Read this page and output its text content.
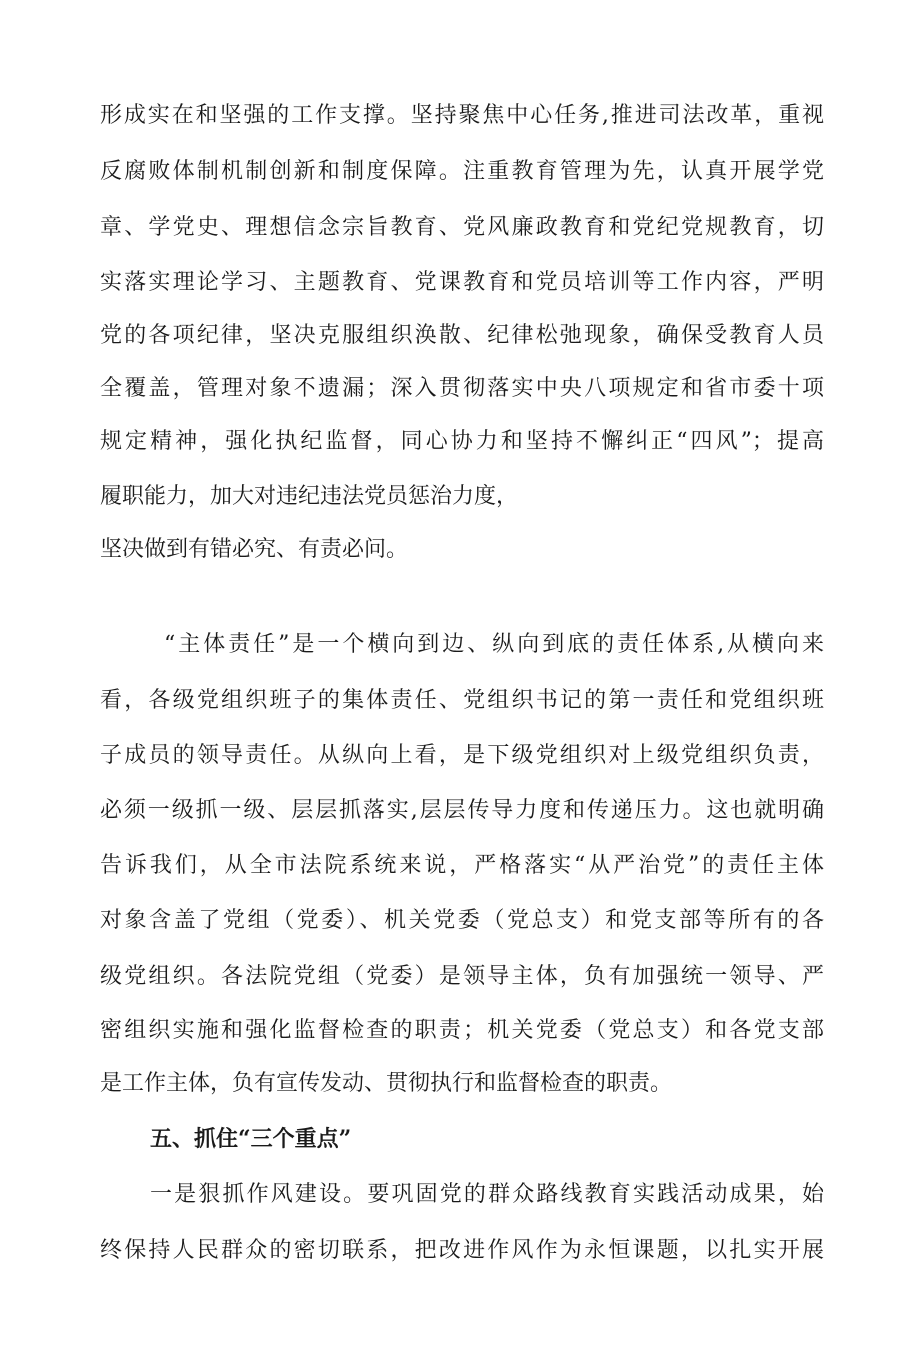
形成实在和坚强的工作支撑。坚持聚焦中心任务,推进司法改革，重视
反腐败体制机制创新和制度保障。注重教育管理为先，认真开展学党
章、学党史、理想信念宗旨教育、党风廉政教育和党纪党规教育，切
实落实理论学习、主题教育、党课教育和党员培训等工作内容，严明
党的各项纪律，坚决克服组织涣散、纪律松弛现象，确保受教育人员
全覆盖，管理对象不遗漏；深入贯彻落实中央八项规定和省市委十项
规定精神，强化执纪监督，同心协力和坚持不懈纠正“四风”；提高
履职能力，加大对违纪违法党员惩治力度，
坚决做到有错必究、有责必问。
“主体责任”是一个横向到边、纵向到底的责任体系,从横向来
看，各级党组织班子的集体责任、党组织书记的第一责任和党组织班
子成员的领导责任。从纵向上看，是下级党组织对上级党组织负责，
必须一级抓一级、层层抓落实,层层传导力度和传递压力。这也就明确
告诉我们，从全市法院系统来说，严格落实“从严治党”的责任主体
对象含盖了党组（党委）、机关党委（党总支）和党支部等所有的各
级党组织。各法院党组（党委）是领导主体，负有加强统一领导、严
密组织实施和强化监督检查的职责；机关党委（党总支）和各党支部
是工作主体，负有宣传发动、贯彻执行和监督检查的职责。
五、抓住“三个重点”
一是狠抓作风建设。要巩固党的群众路线教育实践活动成果，始
终保持人民群众的密切联系，把改进作风作为永恒课题，以扎实开展
